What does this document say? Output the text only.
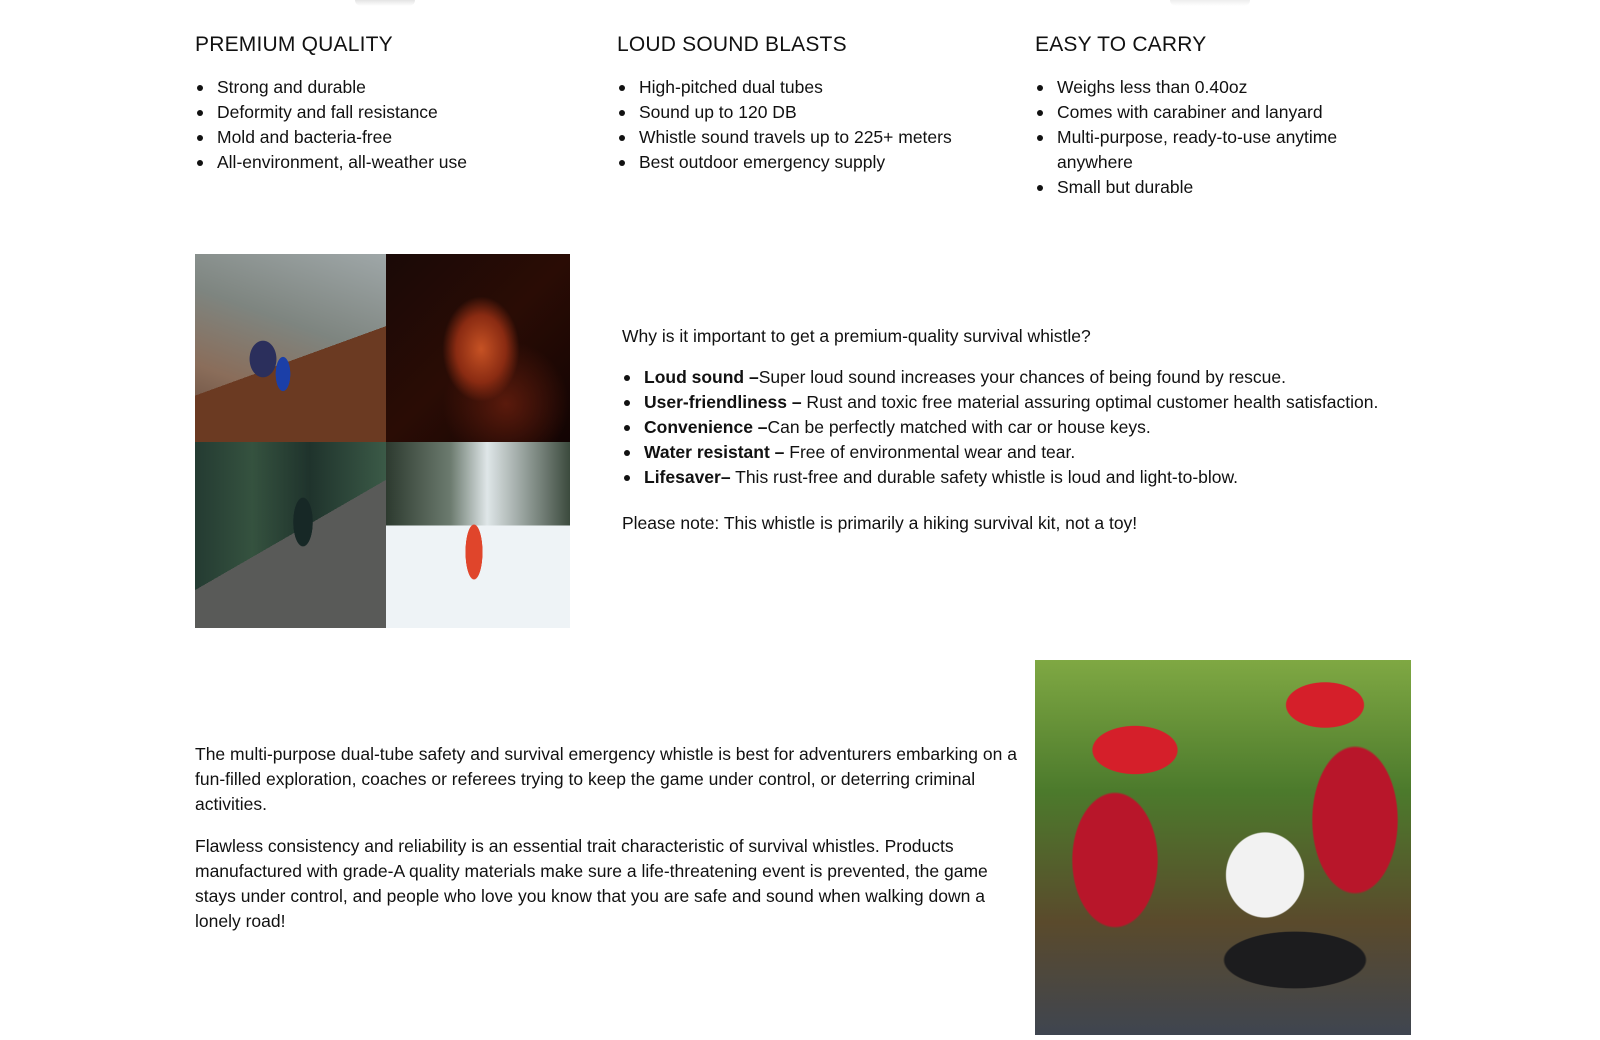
PREMIUM QUALITY
Strong and durable
Deformity and fall resistance
Mold and bacteria-free
All-environment, all-weather use
LOUD SOUND BLASTS
High-pitched dual tubes
Sound up to 120 DB
Whistle sound travels up to 225+ meters
Best outdoor emergency supply
EASY TO CARRY
Weighs less than 0.40oz
Comes with carabiner and lanyard
Multi-purpose, ready-to-use anytime anywhere
Small but durable

Why is it important to get a premium-quality survival whistle?

Loud sound –Super loud sound increases your chances of being found by rescue.
User-friendliness – Rust and toxic free material assuring optimal customer health satisfaction.
Convenience –Can be perfectly matched with car or house keys.
Water resistant – Free of environmental wear and tear.
Lifesaver– This rust-free and durable safety whistle is loud and light-to-blow.

Please note: This whistle is primarily a hiking survival kit, not a toy!

The multi-purpose dual-tube safety and survival emergency whistle is best for adventurers embarking on a fun-filled exploration, coaches or referees trying to keep the game under control, or deterring criminal activities.

Flawless consistency and reliability is an essential trait characteristic of survival whistles. Products manufactured with grade-A quality materials make sure a life-threatening event is prevented, the game stays under control, and people who love you know that you are safe and sound when walking down a lonely road!
